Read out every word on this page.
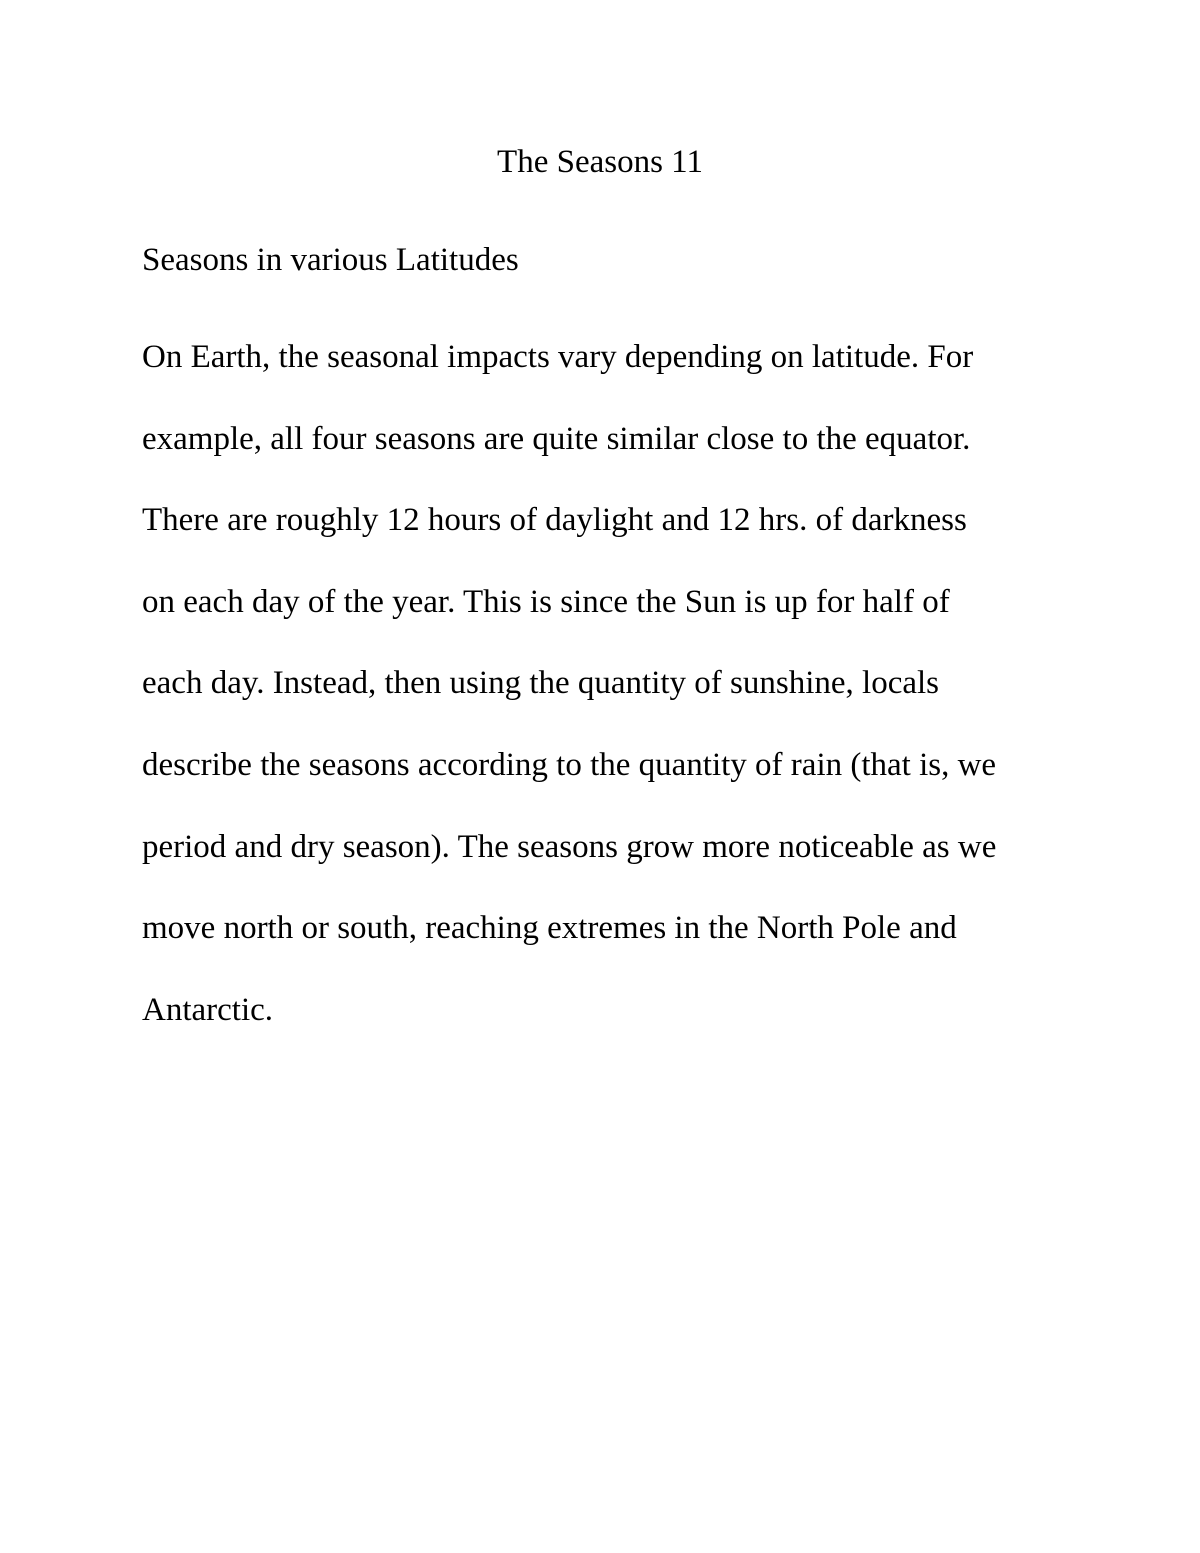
The Seasons 11
Seasons in various Latitudes
On Earth, the seasonal impacts vary depending on latitude. For
example, all four seasons are quite similar close to the equator.
There are roughly 12 hours of daylight and 12 hrs. of darkness
on each day of the year. This is since the Sun is up for half of
each day. Instead, then using the quantity of sunshine, locals
describe the seasons according to the quantity of rain (that is, we
period and dry season). The seasons grow more noticeable as we
move north or south, reaching extremes in the North Pole and
Antarctic.
